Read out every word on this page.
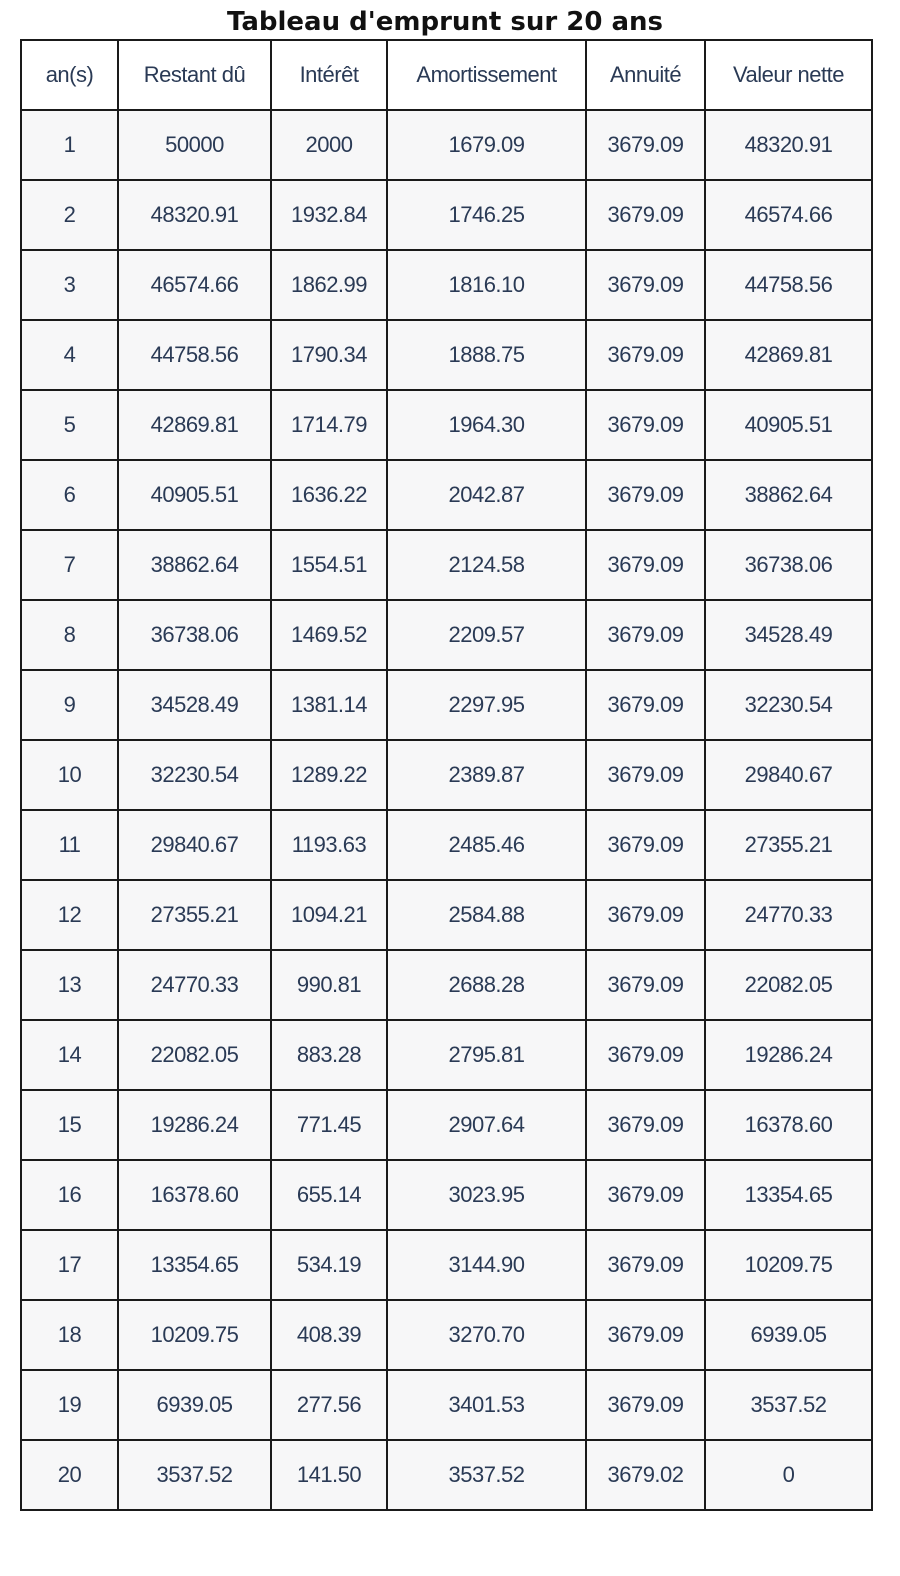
Tableau d'emprunt sur 20 ans
an(s)	Restant dû	Intérêt	Amortissement	Annuité	Valeur nette
1	50000	2000	1679.09	3679.09	48320.91
2	48320.91	1932.84	1746.25	3679.09	46574.66
3	46574.66	1862.99	1816.10	3679.09	44758.56
4	44758.56	1790.34	1888.75	3679.09	42869.81
5	42869.81	1714.79	1964.30	3679.09	40905.51
6	40905.51	1636.22	2042.87	3679.09	38862.64
7	38862.64	1554.51	2124.58	3679.09	36738.06
8	36738.06	1469.52	2209.57	3679.09	34528.49
9	34528.49	1381.14	2297.95	3679.09	32230.54
10	32230.54	1289.22	2389.87	3679.09	29840.67
11	29840.67	1193.63	2485.46	3679.09	27355.21
12	27355.21	1094.21	2584.88	3679.09	24770.33
13	24770.33	990.81	2688.28	3679.09	22082.05
14	22082.05	883.28	2795.81	3679.09	19286.24
15	19286.24	771.45	2907.64	3679.09	16378.60
16	16378.60	655.14	3023.95	3679.09	13354.65
17	13354.65	534.19	3144.90	3679.09	10209.75
18	10209.75	408.39	3270.70	3679.09	6939.05
19	6939.05	277.56	3401.53	3679.09	3537.52
20	3537.52	141.50	3537.52	3679.02	0
